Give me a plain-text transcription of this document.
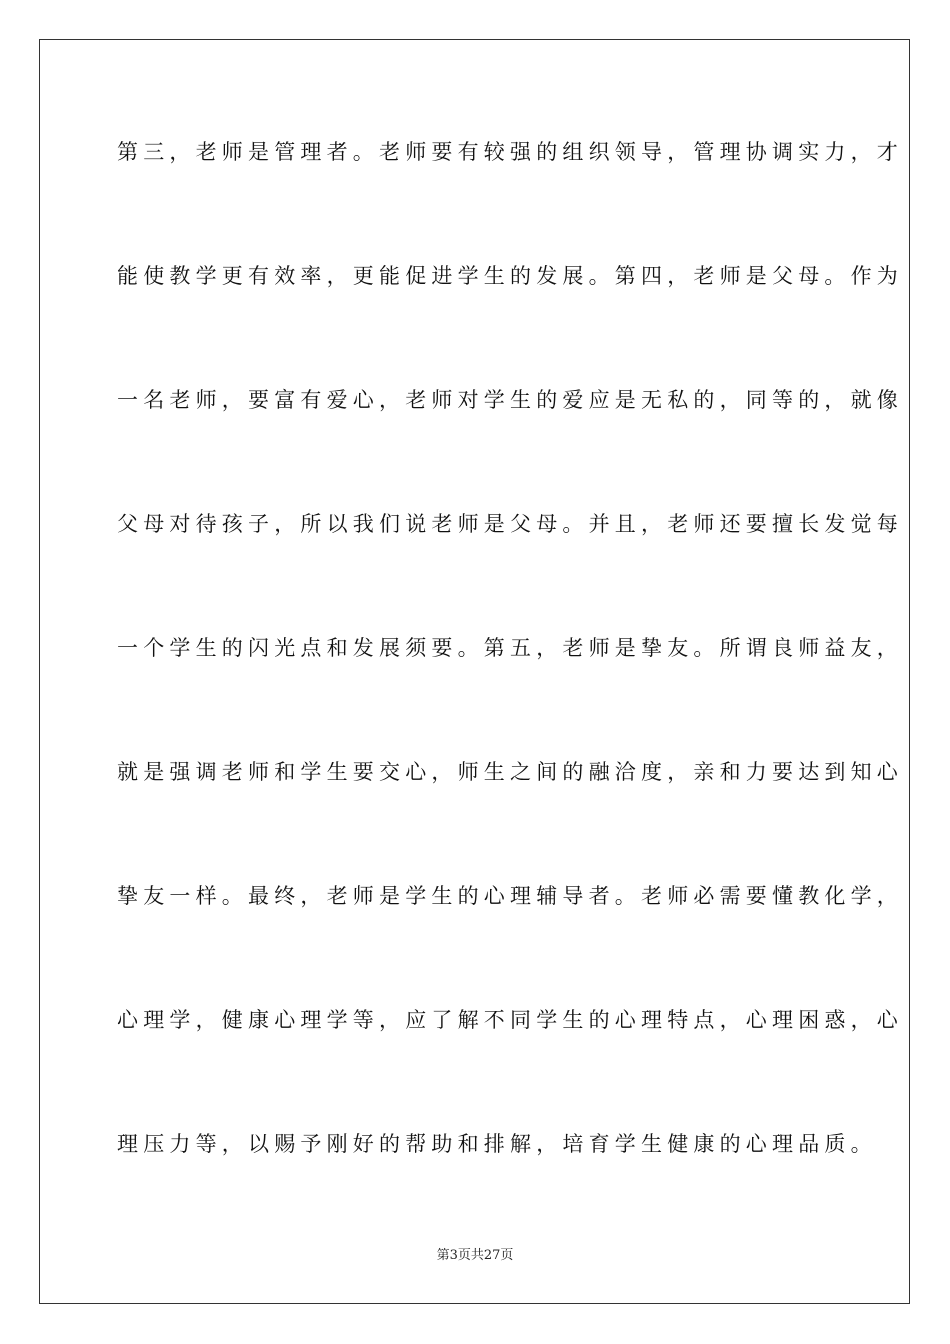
第三，老师是管理者。老师要有较强的组织领导，管理协调实力，才
能使教学更有效率，更能促进学生的发展。第四，老师是父母。作为
一名老师，要富有爱心，老师对学生的爱应是无私的，同等的，就像
父母对待孩子，所以我们说老师是父母。并且，老师还要擅长发觉每
一个学生的闪光点和发展须要。第五，老师是挚友。所谓良师益友，
就是强调老师和学生要交心，师生之间的融洽度，亲和力要达到知心
挚友一样。最终，老师是学生的心理辅导者。老师必需要懂教化学，
心理学，健康心理学等，应了解不同学生的心理特点，心理困惑，心
理压力等，以赐予刚好的帮助和排解，培育学生健康的心理品质。
第3页共27页
